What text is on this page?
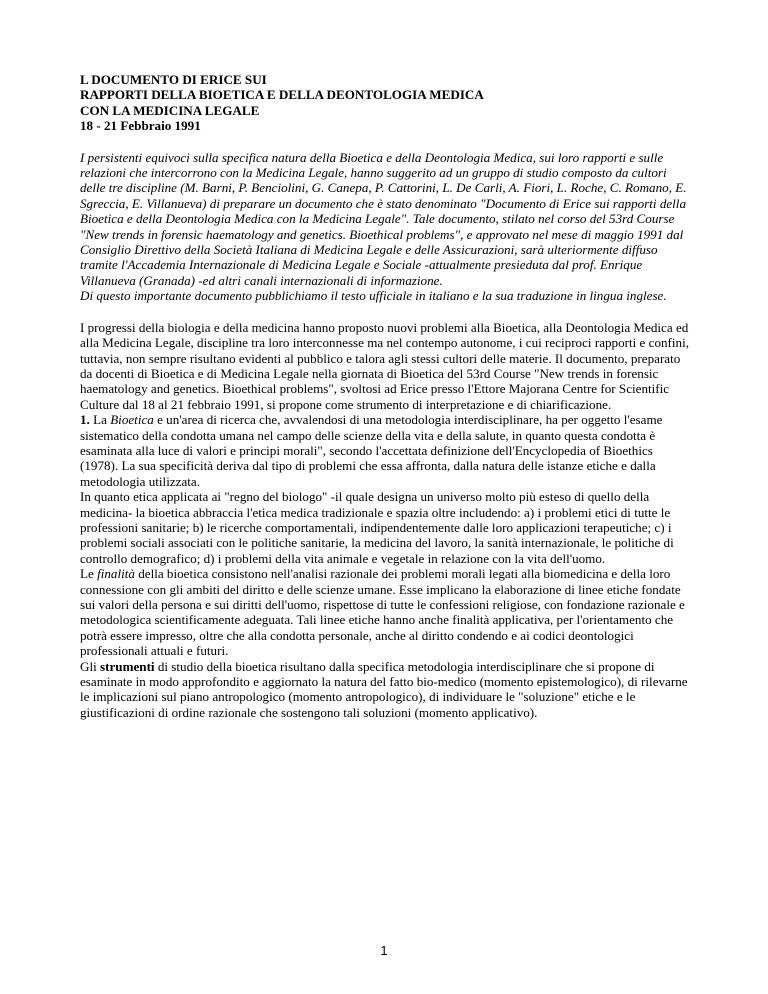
L DOCUMENTO DI ERICE SUI
RAPPORTI DELLA BIOETICA E DELLA DEONTOLOGIA MEDICA
CON LA MEDICINA LEGALE
18 - 21 Febbraio 1991

I persistenti equivoci sulla specifica natura della Bioetica e della Deontologia Medica, sui loro rapporti e sulle relazioni che intercorrono con la Medicina Legale, hanno suggerito ad un gruppo di studio composto da cultori delle tre discipline (M. Barni, P. Benciolini, G. Canepa, P. Cattorini, L. De Carli, A. Fiori, L. Roche, C. Romano, E. Sgreccia, E. Villanueva) di preparare un documento che è stato denominato "Documento di Erice sui rapporti della Bioetica e della Deontologia Medica con la Medicina Legale". Tale documento, stilato nel corso del 53rd Course "New trends in forensic haematology and genetics. Bioethical problems", e approvato nel mese di maggio 1991 dal Consiglio Direttivo della Società Italiana di Medicina Legale e delle Assicurazioni, sarà ulteriormente diffuso tramite l'Accademia Internazionale di Medicina Legale e Sociale -attualmente presieduta dal prof. Enrique Villanueva (Granada) -ed altri canali internazionali di informazione.

Di questo importante documento pubblichiamo il testo ufficiale in italiano e la sua traduzione in lingua inglese.

I progressi della biologia e della medicina hanno proposto nuovi problemi alla Bioetica, alla Deontologia Medica ed alla Medicina Legale, discipline tra loro interconnesse ma nel contempo autonome, i cui reciproci rapporti e confini, tuttavia, non sempre risultano evidenti al pubblico e talora agli stessi cultori delle materie. Il documento, preparato da docenti di Bioetica e di Medicina Legale nella giornata di Bioetica del 53rd Course "New trends in forensic haematology and genetics. Bioethical problems", svoltosi ad Erice presso l'Ettore Majorana Centre for Scientific Culture dal 18 al 21 febbraio 1991, si propone come strumento di interpretazione e di chiarificazione.

1. La Bioetica e un'area di ricerca che, avvalendosi di una metodologia interdisciplinare, ha per oggetto l'esame sistematico della condotta umana nel campo delle scienze della vita e della salute, in quanto questa condotta è esaminata alla luce di valori e principi morali", secondo l'accettata definizione dell'Encyclopedia of Bioethics (1978). La sua specificità deriva dal tipo di problemi che essa affronta, dalla natura delle istanze etiche e dalla metodologia utilizzata.

In quanto etica applicata ai "regno del biologo" -il quale designa un universo molto più esteso di quello della medicina- la bioetica abbraccia l'etica medica tradizionale e spazia oltre includendo: a) i problemi etici di tutte le professioni sanitarie; b) le ricerche comportamentali, indipendentemente dalle loro applicazioni terapeutiche; c) i problemi sociali associati con le politiche sanitarie, la medicina del lavoro, la sanità internazionale, le politiche di controllo demografico; d) i problemi della vita animale e vegetale in relazione con la vita dell'uomo.

Le finalità della bioetica consistono nell'analisi razionale dei problemi morali legati alla biomedicina e della loro connessione con gli ambiti del diritto e delle scienze umane. Esse implicano la elaborazione di linee etiche fondate sui valori della persona e sui diritti dell'uomo, rispettose di tutte le confessioni religiose, con fondazione razionale e metodologica scientificamente adeguata. Tali linee etiche hanno anche finalità applicativa, per l'orientamento che potrà essere impresso, oltre che alla condotta personale, anche al diritto condendo e ai codici deontologici professionali attuali e futuri.

Gli strumenti di studio della bioetica risultano dalla specifica metodologia interdisciplinare che si propone di esaminate in modo approfondito e aggiornato la natura del fatto bio-medico (momento epistemologico), di rilevarne le implicazioni sul piano antropologico (momento antropologico), di individuare le "soluzione" etiche e le giustificazioni di ordine razionale che sostengono tali soluzioni (momento applicativo).

1
